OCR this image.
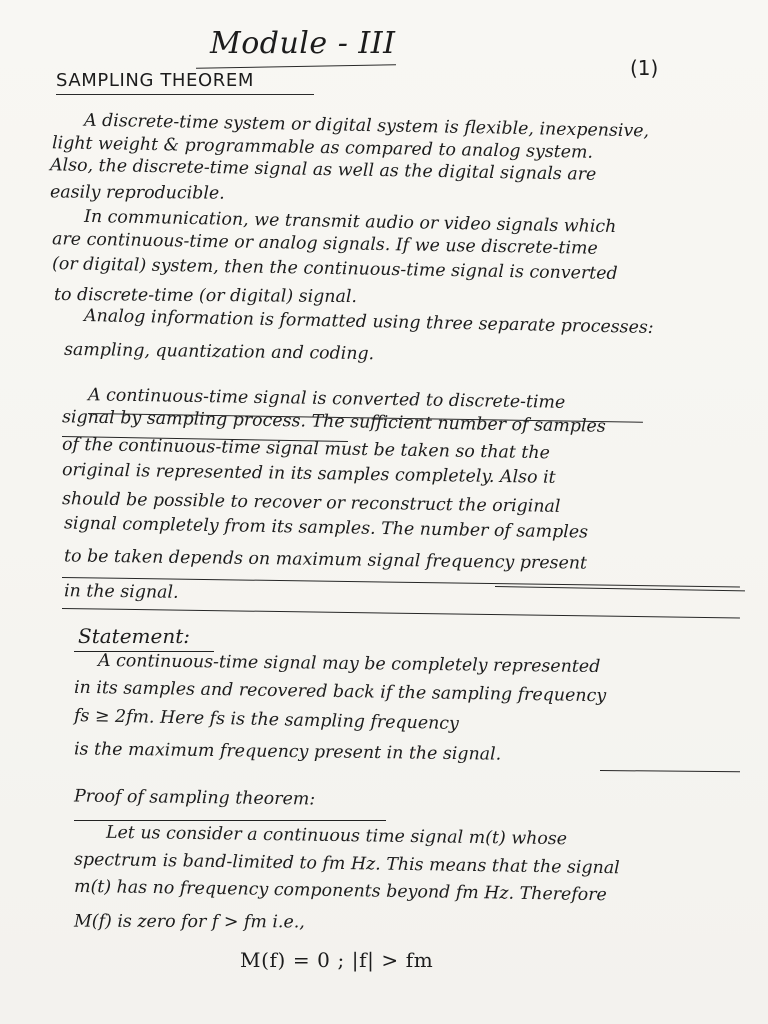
Module - III
(1)
SAMPLING THEOREM
A discrete-time system or digital system is flexible, inexpensive,
light weight & programmable as compared to analog system.
Also, the discrete-time signal as well as the digital signals are
easily reproducible.
In communication, we transmit audio or video signals which
are continuous-time or analog signals. If we use discrete-time
(or digital) system, then the continuous-time signal is converted
to discrete-time (or digital) signal.
Analog information is formatted using three separate processes:
sampling, quantization and coding.
A continuous-time signal is converted to discrete-time
signal by sampling process. The sufficient number of samples
of the continuous-time signal must be taken so that the
original is represented in its samples completely. Also it
should be possible to recover or reconstruct the original
signal completely from its samples. The number of samples
to be taken depends on maximum signal frequency present
in the signal.
A continuous-time signal may be completely represented
in its samples and recovered back if the sampling frequency
fs ≥ 2fm. Here fs is the sampling frequency
is the maximum frequency present in the signal.
Proof of sampling theorem:
Let us consider a continuous time signal m(t) whose
spectrum is band-limited to fm Hz. This means that the signal
m(t) has no frequency components beyond fm Hz. Therefore
M(f) is zero for f > fm i.e.,
Statement:
M(f) = 0 ; |f| > fm
